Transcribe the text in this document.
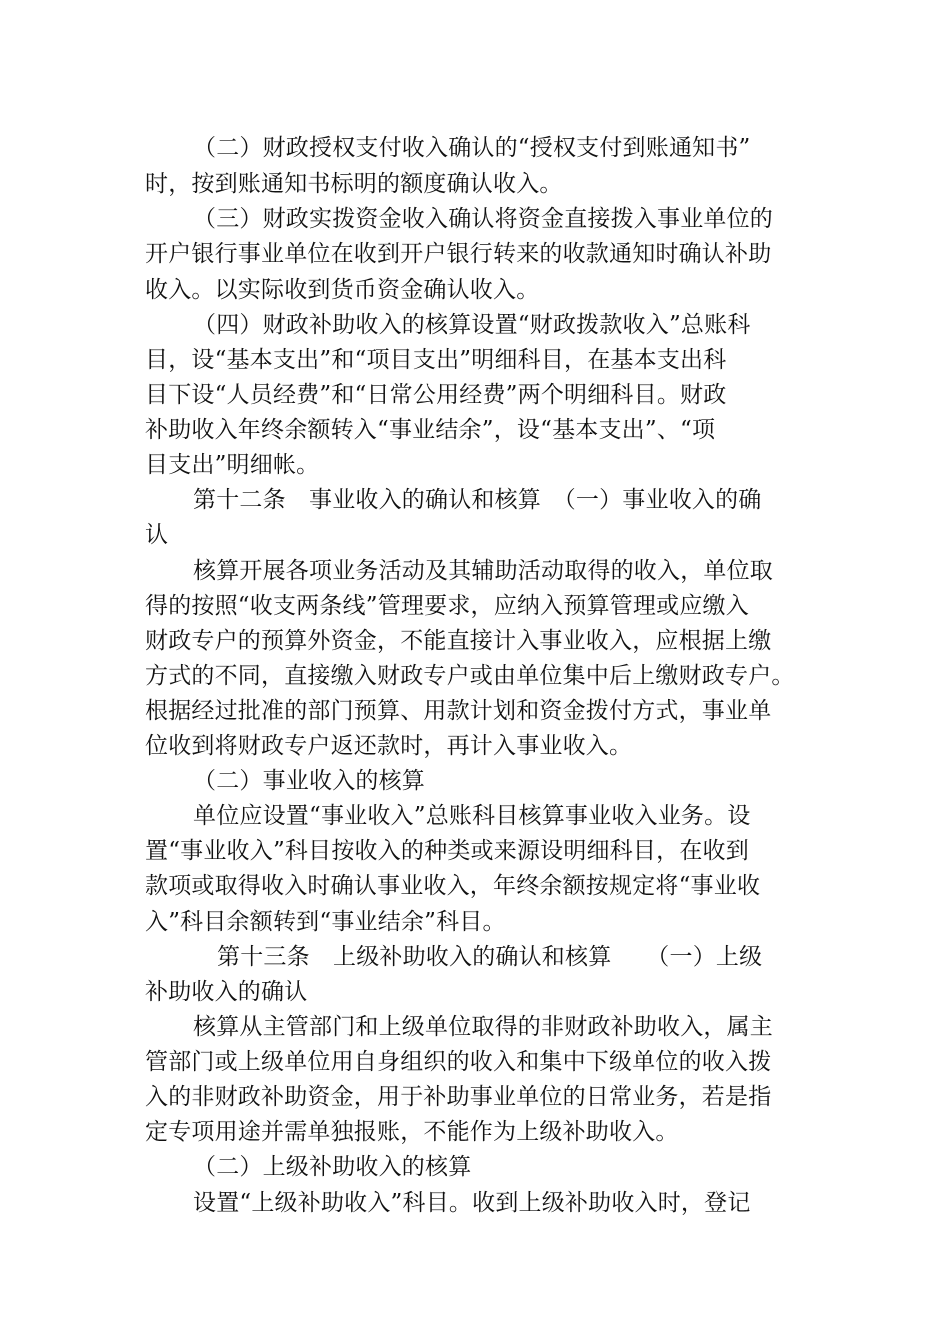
（二）财政授权支付收入确认的“授权支付到账通知书”
时，按到账通知书标明的额度确认收入。
（三）财政实拨资金收入确认将资金直接拨入事业单位的
开户银行事业单位在收到开户银行转来的收款通知时确认补助
收入。以实际收到货币资金确认收入。
（四）财政补助收入的核算设置“财政拨款收入”总账科
目，设“基本支出”和“项目支出”明细科目，在基本支出科
目下设“人员经费”和“日常公用经费”两个明细科目。财政
补助收入年终余额转入“事业结余”，设“基本支出”、“项
目支出”明细帐。
第十二条　事业收入的确认和核算　（一）事业收入的确
认
核算开展各项业务活动及其辅助活动取得的收入，单位取
得的按照“收支两条线”管理要求，应纳入预算管理或应缴入
财政专户的预算外资金，不能直接计入事业收入，应根据上缴
方式的不同，直接缴入财政专户或由单位集中后上缴财政专户。
根据经过批准的部门预算、用款计划和资金拨付方式，事业单
位收到将财政专户返还款时，再计入事业收入。
（二）事业收入的核算
单位应设置“事业收入”总账科目核算事业收入业务。设
置“事业收入”科目按收入的种类或来源设明细科目，在收到
款项或取得收入时确认事业收入，年终余额按规定将“事业收
入”科目余额转到“事业结余”科目。
第十三条　上级补助收入的确认和核算　　（一）上级
补助收入的确认
核算从主管部门和上级单位取得的非财政补助收入，属主
管部门或上级单位用自身组织的收入和集中下级单位的收入拨
入的非财政补助资金，用于补助事业单位的日常业务，若是指
定专项用途并需单独报账，不能作为上级补助收入。
（二）上级补助收入的核算
设置“上级补助收入”科目。收到上级补助收入时，登记
